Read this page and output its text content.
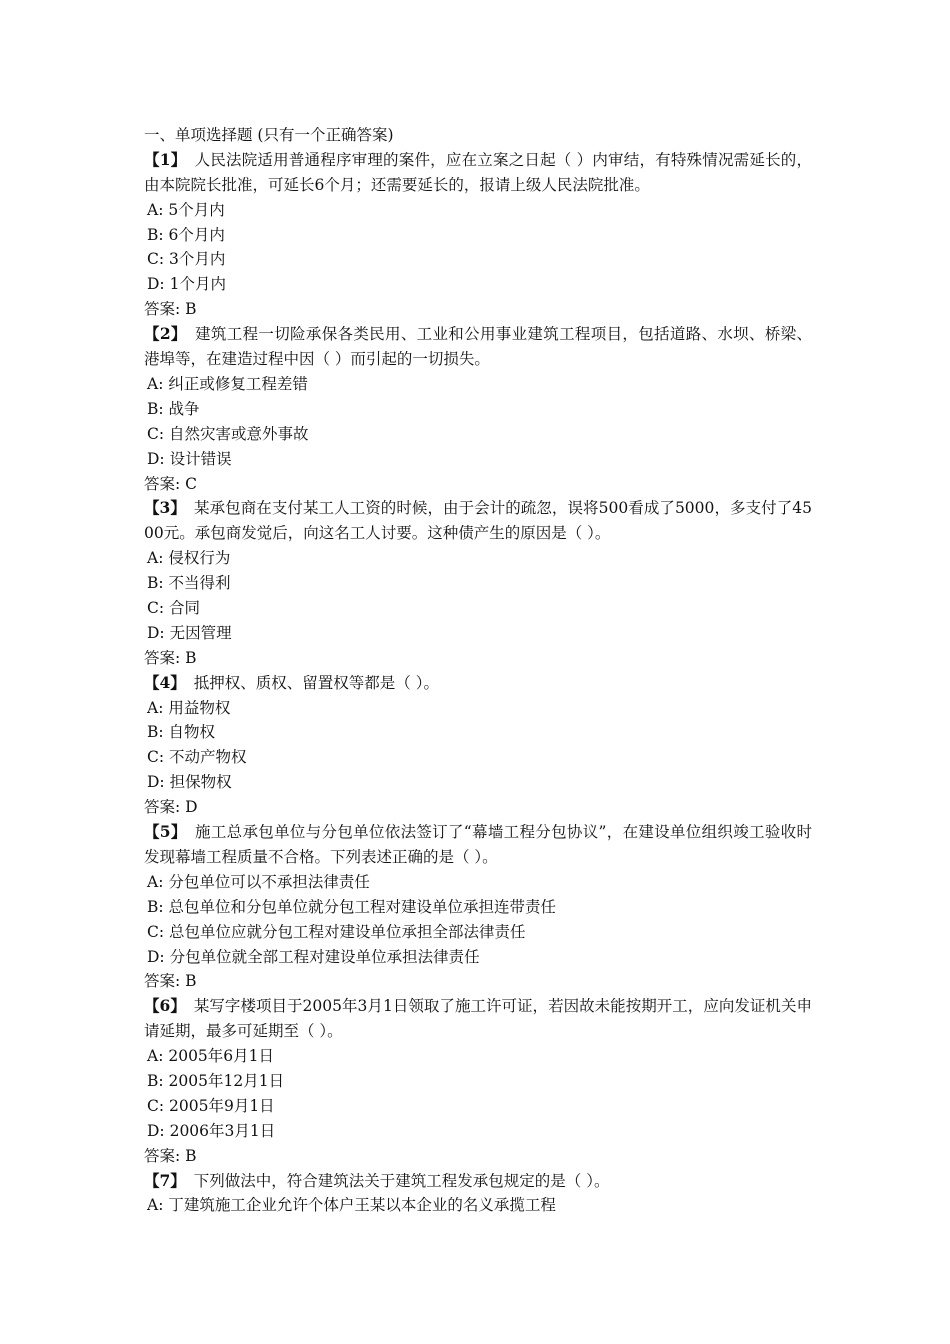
一、单项选择题 (只有一个正确答案)
【1】 人民法院适用普通程序审理的案件，应在立案之日起（ ）内审结，有特殊情况需延长的，由本院院长批准，可延长6个月；还需要延长的，报请上级人民法院批准。
A: 5个月内
B: 6个月内
C: 3个月内
D: 1个月内
答案: B
【2】 建筑工程一切险承保各类民用、工业和公用事业建筑工程项目，包括道路、水坝、桥梁、港埠等，在建造过程中因（ ）而引起的一切损失。
A: 纠正或修复工程差错
B: 战争
C: 自然灾害或意外事故
D: 设计错误
答案: C
【3】 某承包商在支付某工人工资的时候，由于会计的疏忽，误将500看成了5000，多支付了4500元。承包商发觉后，向这名工人讨要。这种债产生的原因是（ ）。
A: 侵权行为
B: 不当得利
C: 合同
D: 无因管理
答案: B
【4】 抵押权、质权、留置权等都是（ ）。
A: 用益物权
B: 自物权
C: 不动产物权
D: 担保物权
答案: D
【5】 施工总承包单位与分包单位依法签订了“幕墙工程分包协议”，在建设单位组织竣工验收时发现幕墙工程质量不合格。下列表述正确的是（ ）。
A: 分包单位可以不承担法律责任
B: 总包单位和分包单位就分包工程对建设单位承担连带责任
C: 总包单位应就分包工程对建设单位承担全部法律责任
D: 分包单位就全部工程对建设单位承担法律责任
答案: B
【6】 某写字楼项目于2005年3月1日领取了施工许可证，若因故未能按期开工，应向发证机关申请延期，最多可延期至（ ）。
A: 2005年6月1日
B: 2005年12月1日
C: 2005年9月1日
D: 2006年3月1日
答案: B
【7】 下列做法中，符合建筑法关于建筑工程发承包规定的是（ ）。
A: 丁建筑施工企业允许个体户王某以本企业的名义承揽工程
